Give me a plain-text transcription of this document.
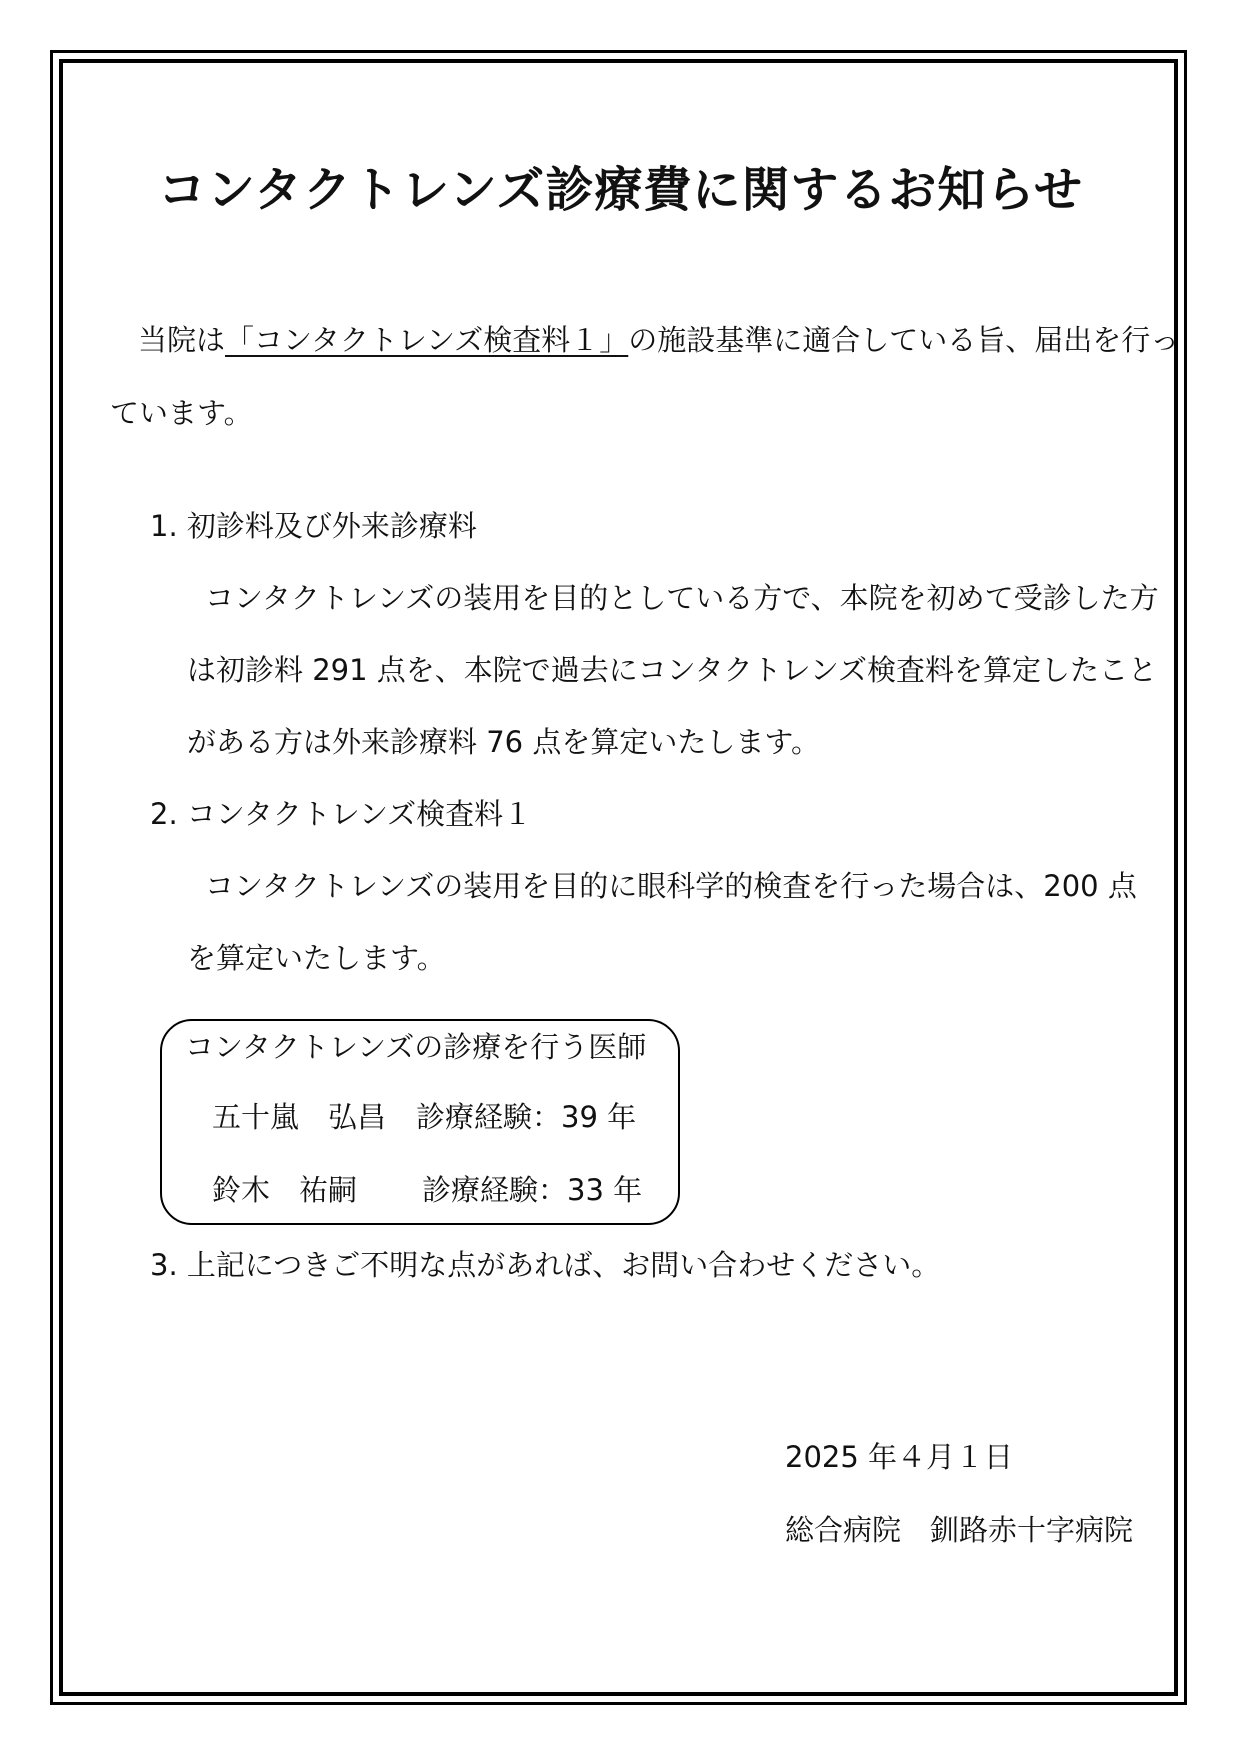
コンタクトレンズ診療費に関するお知らせ
当院は「コンタクトレンズ検査料１」の施設基準に適合している旨、届出を行っ
ています。
1. 初診料及び外来診療料
コンタクトレンズの装用を目的としている方で、本院を初めて受診した方
は初診料 291 点を、本院で過去にコンタクトレンズ検査料を算定したこと
がある方は外来診療料 76 点を算定いたします。
2. コンタクトレンズ検査料１
コンタクトレンズの装用を目的に眼科学的検査を行った場合は、200 点
を算定いたします。
コンタクトレンズの診療を行う医師
五十嵐　弘昌 診療経験：39 年
鈴木　祐嗣 診療経験：33 年
3. 上記につきご不明な点があれば、お問い合わせください。
2025 年４月１日
総合病院　釧路赤十字病院
